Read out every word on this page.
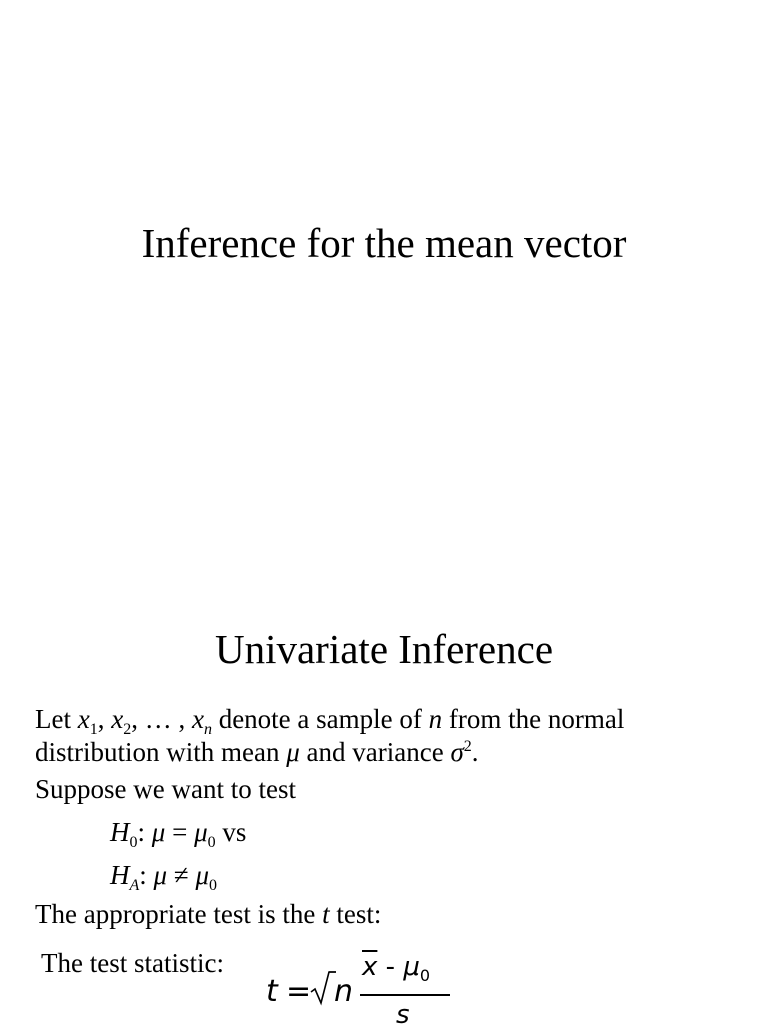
Inference for the mean vector
Univariate Inference
Let $x_1$, $x_2$, … , $x_n$ denote a sample of n from the normal
distribution with mean μ and variance $\sigma^2$.
Suppose we want to test
$H_0$: $\mu = \mu_0$ vs
$H_A$: $\mu \ne \mu_0$
The appropriate test is the t test:
The test statistic:
t = n
$\overline{x} - \mu_0$
s
